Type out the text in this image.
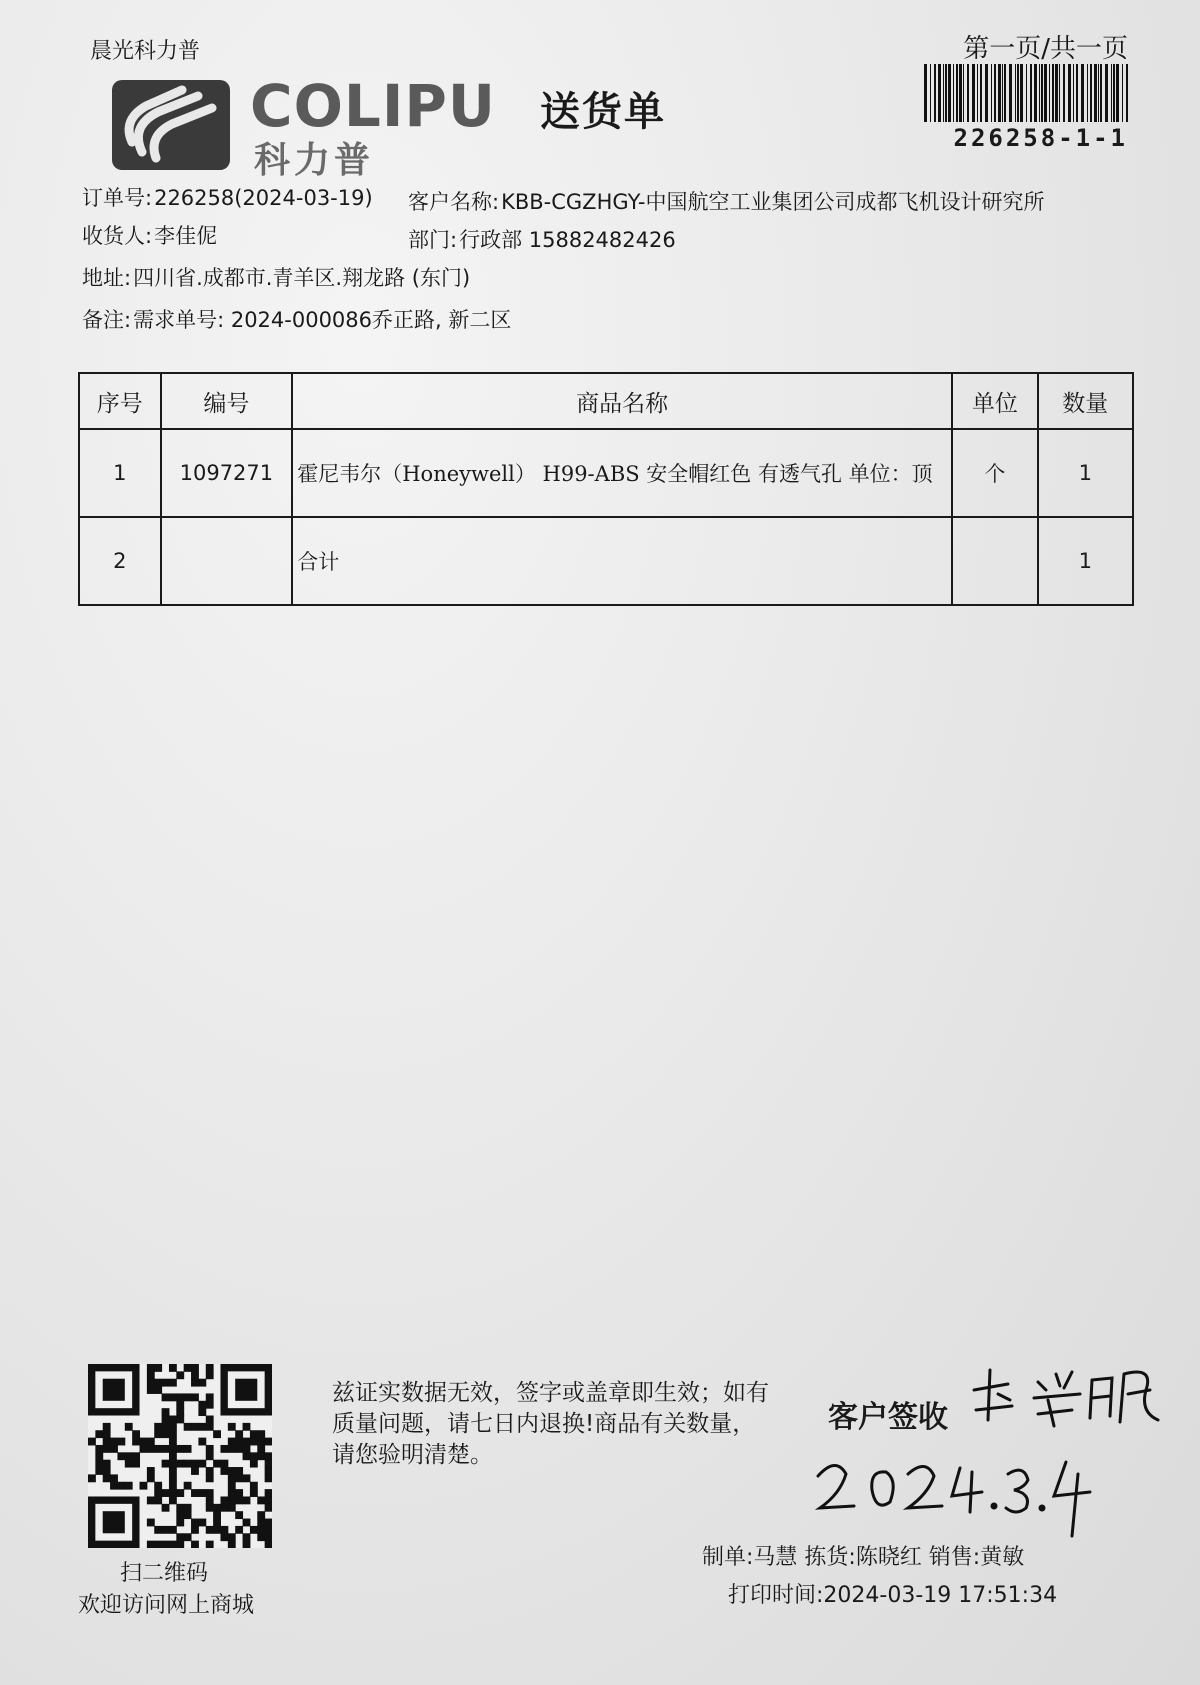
晨光科力普	第一页/共一页
COLIPU
科力普
送货单
226258-1-1
订单号:226258(2024-03-19) 客户名称:KBB-CGZHGY-中国航空工业集团公司成都飞机设计研究所
收货人:李佳伲	部门:行政部 15882482426
地址:四川省.成都市.青羊区.翔龙路 (东门)
备注:需求单号: 2024-000086乔正路, 新二区
序号	编号	商品名称	单位	数量
1	1097271	霍尼韦尔（Honeywell） H99-ABS 安全帽红色 有透气孔 单位：顶	个	1
2		合计		1
扫二维码
欢迎访问网上商城
兹证实数据无效，签字或盖章即生效；如有质量问题，请七日内退换!商品有关数量，请您验明清楚。
客户签收
制单:马慧 拣货:陈晓红 销售:黄敏
打印时间:2024-03-19 17:51:34
